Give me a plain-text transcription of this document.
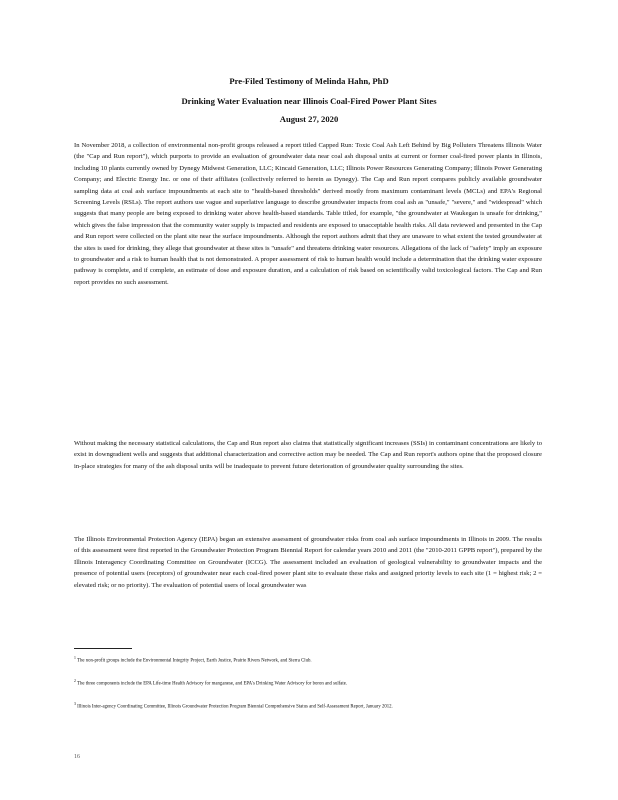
Pre-Filed Testimony of Melinda Hahn, PhD
Drinking Water Evaluation near Illinois Coal-Fired Power Plant Sites
August 27, 2020
In November 2018, a collection of environmental non-profit groups released a report titled Capped Run: Toxic Coal Ash Left Behind by Big Polluters Threatens Illinois Water (the "Cap and Run report"), which purports to provide an evaluation of groundwater data near coal ash disposal units at current or former coal-fired power plants in Illinois, including 10 plants currently owned by Dynegy Midwest Generation, LLC; Kincaid Generation, LLC; Illinois Power Resources Generating Company; Illinois Power Generating Company; and Electric Energy Inc. or one of their affiliates (collectively referred to herein as Dynegy). The Cap and Run report compares publicly available groundwater sampling data at coal ash surface impoundments at each site to "health-based thresholds" derived mostly from maximum contaminant levels (MCLs) and EPA's Regional Screening Levels (RSLs). The report authors use vague and superlative language to describe groundwater impacts from coal ash as "unsafe," "severe," and "widespread" which suggests that many people are being exposed to drinking water above health-based standards. Table titled, for example, "the groundwater at Waukegan is unsafe for drinking," which gives the false impression that the community water supply is impacted and residents are exposed to unacceptable health risks. All data reviewed and presented in the Cap and Run report were collected on the plant site near the surface impoundments. Although the report authors admit that they are unaware to what extent the tested groundwater at the sites is used for drinking, they allege that groundwater at these sites is "unsafe" and threatens drinking water resources. Allegations of the lack of "safety" imply an exposure to groundwater and a risk to human health that is not demonstrated. A proper assessment of risk to human health would include a determination that the drinking water exposure pathway is complete, and if complete, an estimate of dose and exposure duration, and a calculation of risk based on scientifically valid toxicological factors. The Cap and Run report provides no such assessment.
Without making the necessary statistical calculations, the Cap and Run report also claims that statistically significant increases (SSIs) in contaminant concentrations are likely to exist in downgradient wells and suggests that additional characterization and corrective action may be needed. The Cap and Run report's authors opine that the proposed closure in-place strategies for many of the ash disposal units will be inadequate to prevent future deterioration of groundwater quality surrounding the sites.
The Illinois Environmental Protection Agency (IEPA) began an extensive assessment of groundwater risks from coal ash surface impoundments in Illinois in 2009. The results of this assessment were first reported in the Groundwater Protection Program Biennial Report for calendar years 2010 and 2011 (the "2010-2011 GPPB report"), prepared by the Illinois Interagency Coordinating Committee on Groundwater (ICCG). The assessment included an evaluation of geological vulnerability to groundwater impacts and the presence of potential users (receptors) of groundwater near each coal-fired power plant site to evaluate these risks and assigned priority levels to each site (1 = highest risk; 2 = elevated risk; or no priority). The evaluation of potential users of local groundwater was
$^1$ The non-profit groups include the Environmental Integrity Project, Earth Justice, Prairie Rivers Network, and Sierra Club.
$^2$ The three components include the EPA Life-time Health Advisory for manganese, and EPA's Drinking Water Advisory for boron and sulfate.
$^3$ Illinois Inter-agency Coordinating Committee, Illinois Groundwater Protection Program Biennial Comprehensive Status and Self-Assessment Report, January 2012.
16
